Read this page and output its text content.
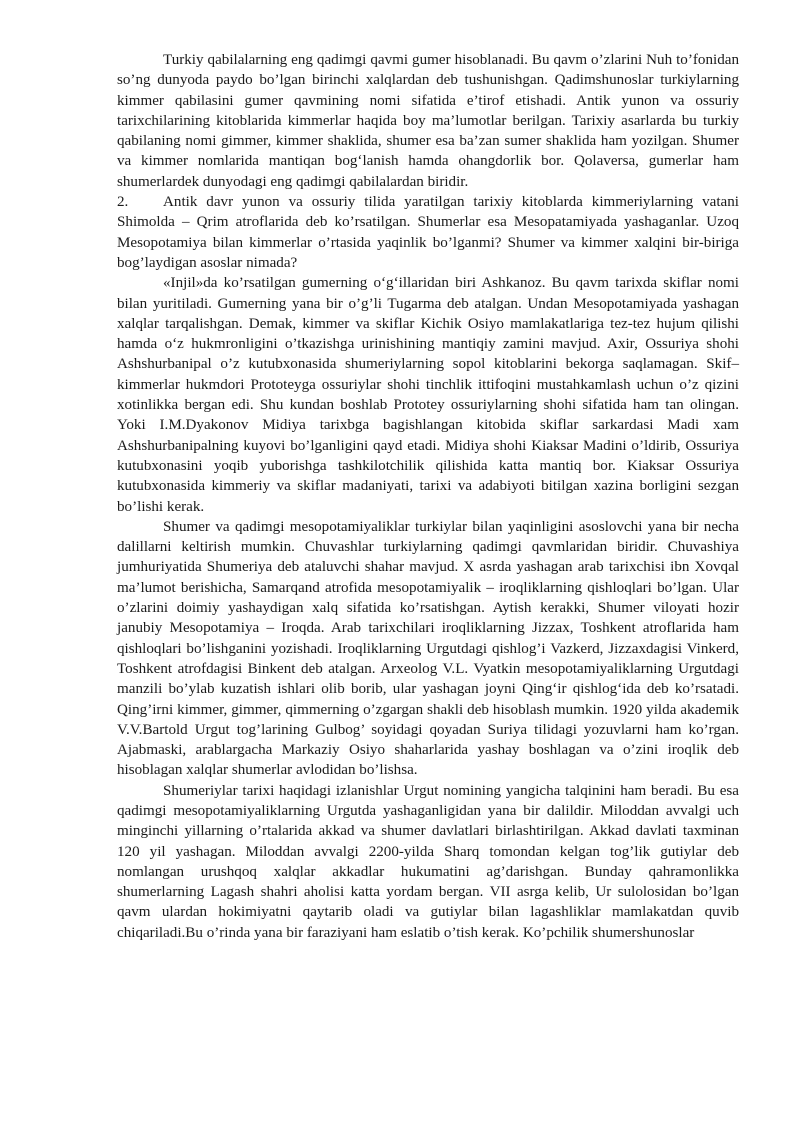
Turkiy qabilalarning eng qadimgi qavmi gumer hisoblanadi. Bu qavm o’zlarini Nuh to’fonidan so’ng dunyoda paydo bo’lgan birinchi xalqlardan deb tushunishgan. Qadimshunoslar turkiylarning kimmer qabilasini gumer qavmining nomi sifatida e’tirof etishadi. Antik yunon va ossuriy tarixchilarining kitoblarida kimmerlar haqida boy ma’lumotlar berilgan. Tarixiy asarlarda bu turkiy qabilaning nomi gimmer, kimmer shaklida, shumer esa ba’zan sumer shaklida ham yozilgan. Shumer va kimmer nomlarida mantiqan bog‘lanish hamda ohangdorlik bor. Qolaversa, gumerlar ham shumerlardek dunyodagi eng qadimgi qabilalardan biridir.

2. Antik davr yunon va ossuriy tilida yaratilgan tarixiy kitoblarda kimmeriylarning vatani Shimolda – Qrim atroflarida deb ko’rsatilgan. Shumerlar esa Mesopatamiyada yashaganlar. Uzoq Mesopotamiya bilan kimmerlar o’rtasida yaqinlik bo’lganmi? Shumer va kimmer xalqini bir-biriga bog’laydigan asoslar nimada?

«Injil»da ko’rsatilgan gumerning o‘g‘illaridan biri Ashkanoz. Bu qavm tarixda skiflar nomi bilan yuritiladi. Gumerning yana bir o’g’li Tugarma deb atalgan. Undan Mesopotamiyada yashagan xalqlar tarqalishgan. Demak, kimmer va skiflar Kichik Osiyo mamlakatlariga tez-tez hujum qilishi hamda o‘z hukmronligini o’tkazishga urinishining mantiqiy zamini mavjud. Axir, Ossuriya shohi Ashshurbanipal o’z kutubxonasida shumeriylarning sopol kitoblarini bekorga saqlamagan. Skif–kimmerlar hukmdori Prototeyga ossuriylar shohi tinchlik ittifoqini mustahkamlash uchun o’z qizini xotinlikka bergan edi. Shu kundan boshlab Prototey ossuriylarning shohi sifatida ham tan olingan. Yoki I.M.Dyakonov Midiya tarixbga bagishlangan kitobida skiflar sarkardasi Madi xam Ashshurbanipalning kuyovi bo’lganligini qayd etadi. Midiya shohi Kiaksar Madini o’ldirib, Ossuriya kutubxonasini yoqib yuborishga tashkilotchilik qilishida katta mantiq bor. Kiaksar Ossuriya kutubxonasida kimmeriy va skiflar madaniyati, tarixi va adabiyoti bitilgan xazina borligini sezgan bo’lishi kerak.

Shumer va qadimgi mesopotamiyaliklar turkiylar bilan yaqinligini asoslovchi yana bir necha dalillarni keltirish mumkin. Chuvashlar turkiylarning qadimgi qavmlaridan biridir. Chuvashiya jumhuriyatida Shumeriya deb ataluvchi shahar mavjud. X asrda yashagan arab tarixchisi ibn Xovqal ma’lumot berishicha, Samarqand atrofida mesopotamiyalik – iroqliklarning qishloqlari bo’lgan. Ular o’zlarini doimiy yashaydigan xalq sifatida ko’rsatishgan. Aytish kerakki, Shumer viloyati hozir janubiy Mesopotamiya – Iroqda. Arab tarixchilari iroqliklarning Jizzax, Toshkent atroflarida ham qishloqlari bo’lishganini yozishadi. Iroqliklarning Urgutdagi qishlog’i Vazkerd, Jizzaxdagisi Vinkerd, Toshkent atrofdagisi Binkent deb atalgan. Arxeolog V.L. Vyatkin mesopotamiyaliklarning Urgutdagi manzili bo’ylab kuzatish ishlari olib borib, ular yashagan joyni Qing‘ir qishlog‘ida deb ko’rsatadi. Qing’irni kimmer, gimmer, qimmerning o’zgargan shakli deb hisoblash mumkin. 1920 yilda akademik V.V.Bartold Urgut tog’larining Gulbog’ soyidagi qoyadan Suriya tilidagi yozuvlarni ham ko’rgan. Ajabmaski, arablargacha Markaziy Osiyo shaharlarida yashay boshlagan va o’zini iroqlik deb hisoblagan xalqlar shumerlar avlodidan bo’lishsa.

Shumeriylar tarixi haqidagi izlanishlar Urgut nomining yangicha talqinini ham beradi. Bu esa qadimgi mesopotamiyaliklarning Urgutda yashaganligidan yana bir dalildir. Miloddan avvalgi uch minginchi yillarning o’rtalarida akkad va shumer davlatlari birlashtirilgan. Akkad davlati taxminan 120 yil yashagan. Miloddan avvalgi 2200-yilda Sharq tomondan kelgan tog’lik gutiylar deb nomlangan urushqoq xalqlar akkadlar hukumatini ag’darishgan. Bunday qahramonlikka shumerlarning Lagash shahri aholisi katta yordam bergan. VII asrga kelib, Ur sulolosidan bo’lgan qavm ulardan hokimiyatni qaytarib oladi va gutiylar bilan lagashliklar mamlakatdan quvib chiqariladi.Bu o’rinda yana bir faraziyani ham eslatib o’tish kerak. Ko’pchilik shumershunoslar
